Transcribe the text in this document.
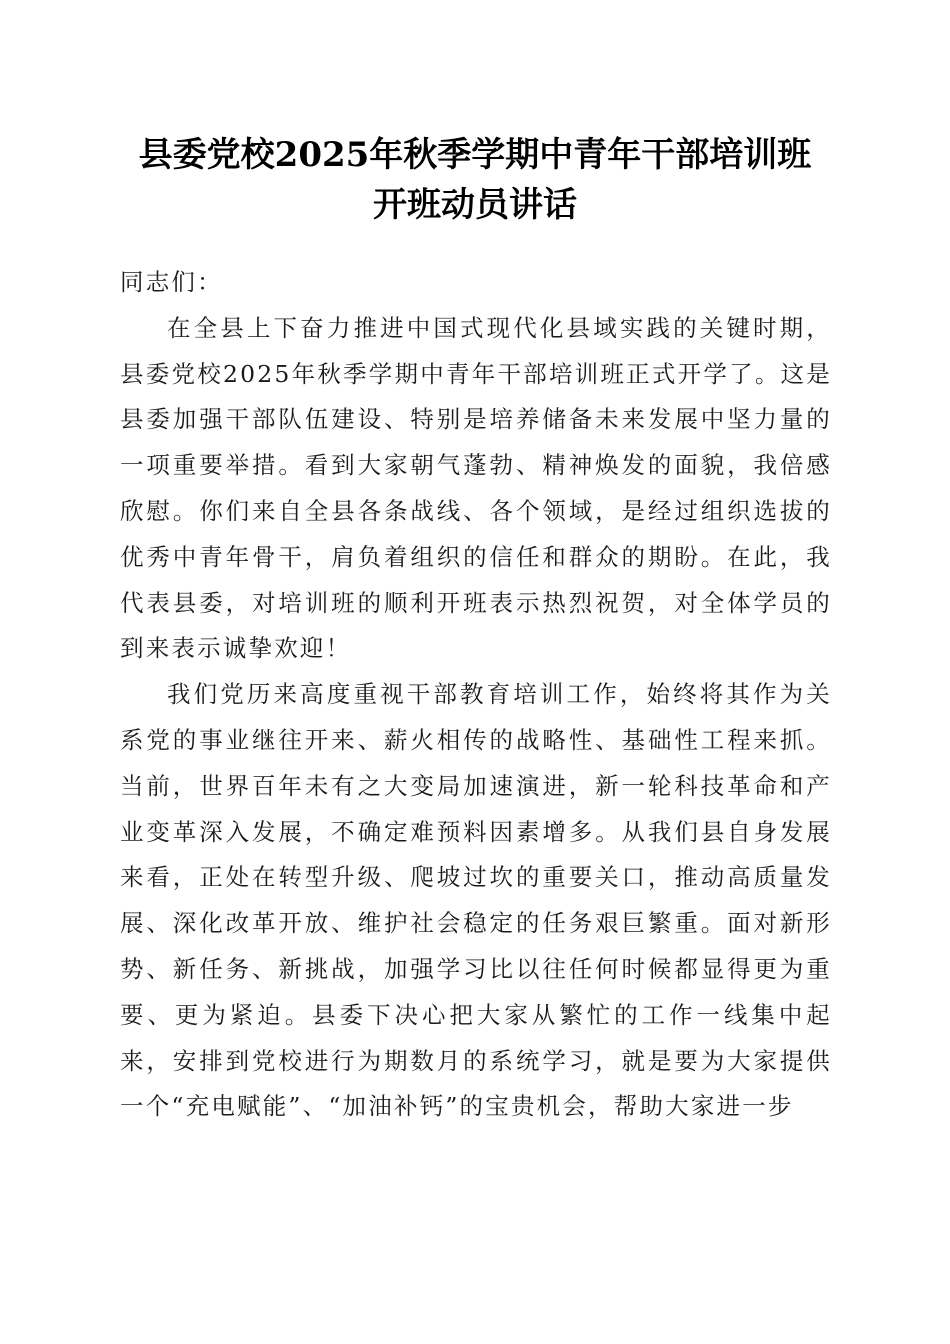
县委党校2025年秋季学期中青年干部培训班
开班动员讲话

同志们：

在全县上下奋力推进中国式现代化县域实践的关键时期，县委党校2025年秋季学期中青年干部培训班正式开学了。这是县委加强干部队伍建设、特别是培养储备未来发展中坚力量的一项重要举措。看到大家朝气蓬勃、精神焕发的面貌，我倍感欣慰。你们来自全县各条战线、各个领域，是经过组织选拔的优秀中青年骨干，肩负着组织的信任和群众的期盼。在此，我代表县委，对培训班的顺利开班表示热烈祝贺，对全体学员的到来表示诚挚欢迎！

我们党历来高度重视干部教育培训工作，始终将其作为关系党的事业继往开来、薪火相传的战略性、基础性工程来抓。当前，世界百年未有之大变局加速演进，新一轮科技革命和产业变革深入发展，不确定难预料因素增多。从我们县自身发展来看，正处在转型升级、爬坡过坎的重要关口，推动高质量发展、深化改革开放、维护社会稳定的任务艰巨繁重。面对新形势、新任务、新挑战，加强学习比以往任何时候都显得更为重要、更为紧迫。县委下决心把大家从繁忙的工作一线集中起来，安排到党校进行为期数月的系统学习，就是要为大家提供一个“充电赋能”、“加油补钙”的宝贵机会，帮助大家进一步
